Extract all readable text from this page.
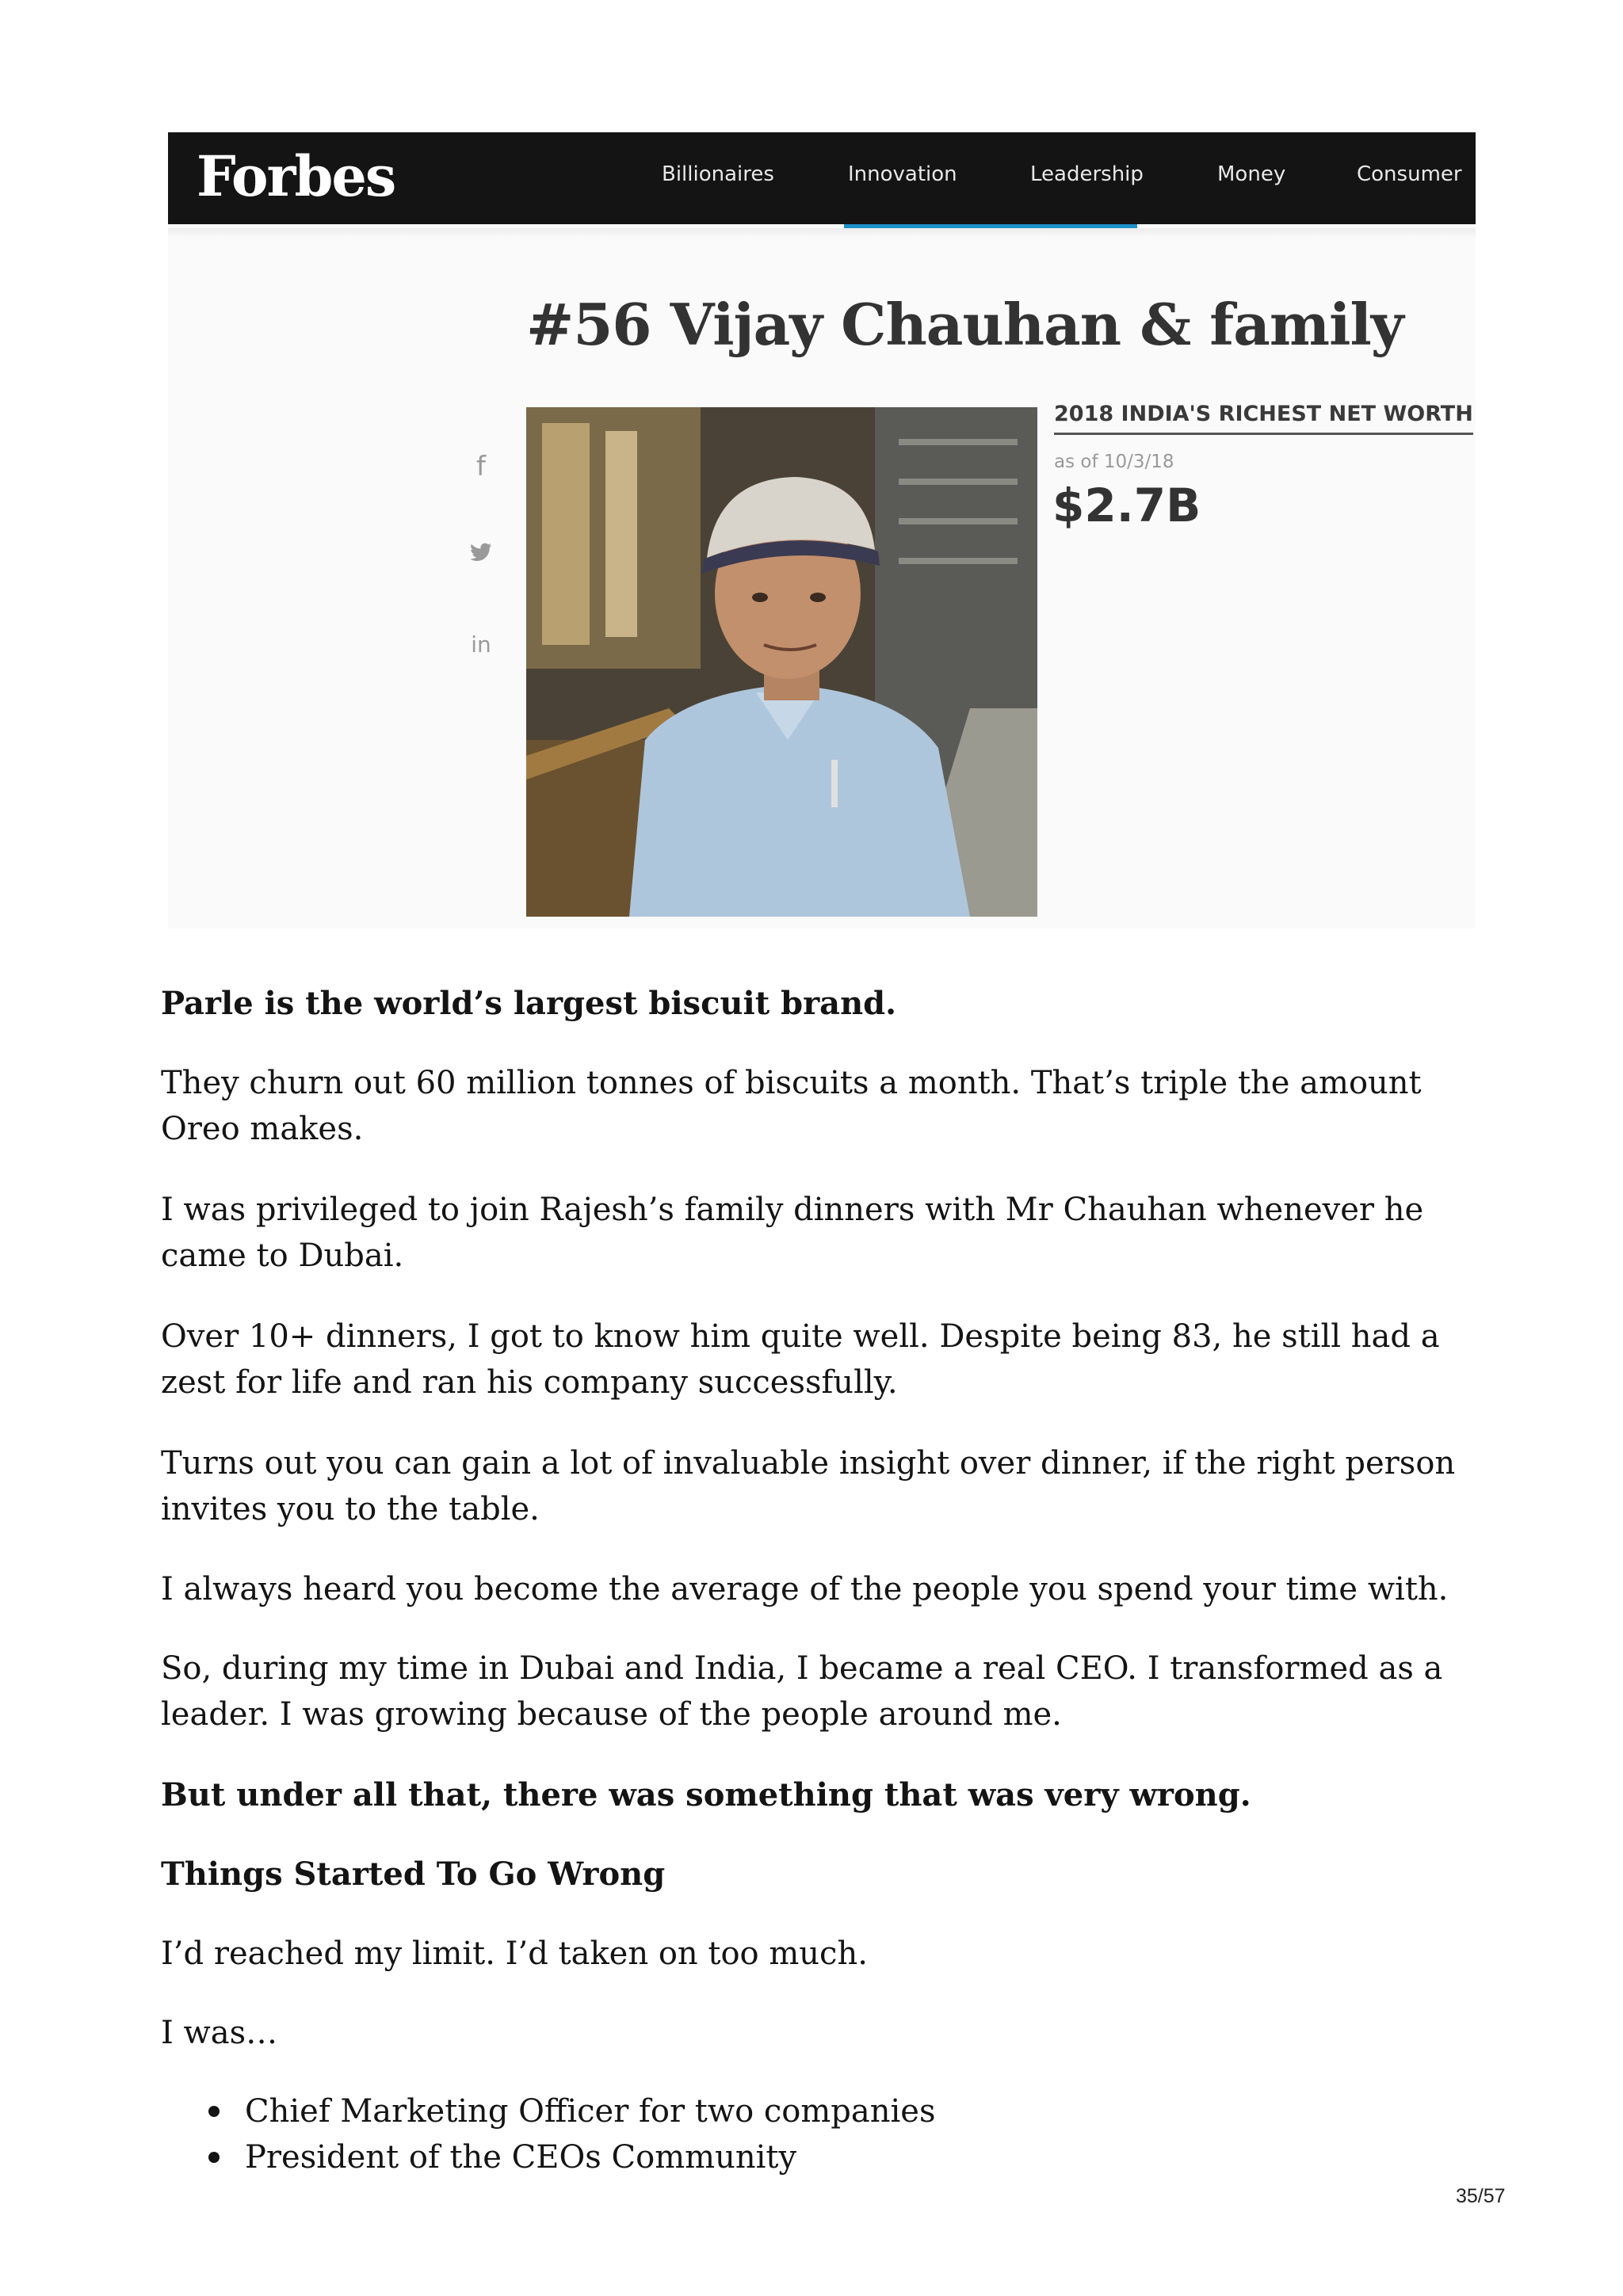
Forbes	Billionaires	Innovation	Leadership	Money	Consumer
#56 Vijay Chauhan & family
f
in
2018 INDIA'S RICHEST NET WORTH
as of 10/3/18
$2.7B

Parle is the world’s largest biscuit brand.

They churn out 60 million tonnes of biscuits a month. That’s triple the amount Oreo makes.

I was privileged to join Rajesh’s family dinners with Mr Chauhan whenever he came to Dubai.

Over 10+ dinners, I got to know him quite well. Despite being 83, he still had a zest for life and ran his company successfully.

Turns out you can gain a lot of invaluable insight over dinner, if the right person invites you to the table.

I always heard you become the average of the people you spend your time with.

So, during my time in Dubai and India, I became a real CEO. I transformed as a leader. I was growing because of the people around me.

But under all that, there was something that was very wrong.

Things Started To Go Wrong

I’d reached my limit. I’d taken on too much.

I was…

Chief Marketing Officer for two companies
President of the CEOs Community
35/57
